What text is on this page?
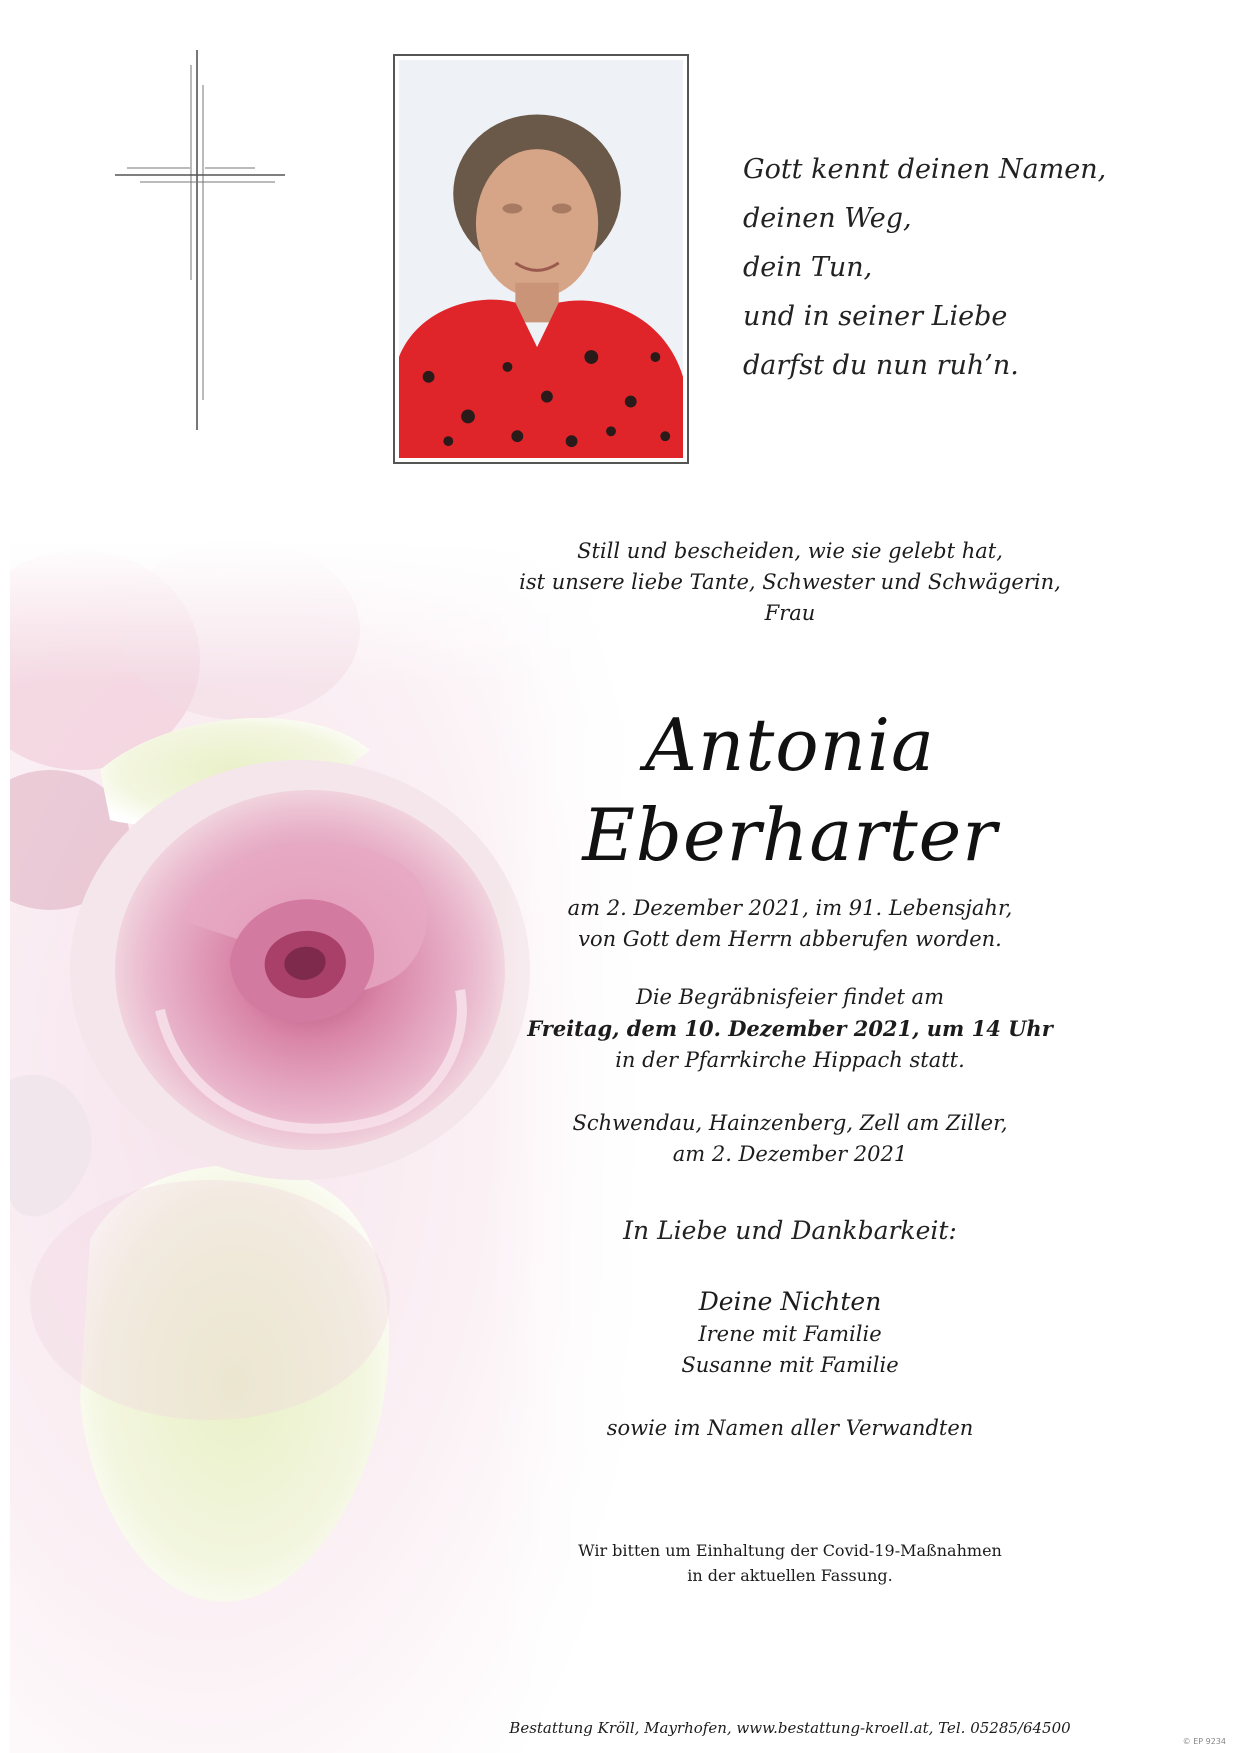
Gott kennt deinen Namen,
deinen Weg,
dein Tun,
und in seiner Liebe
darfst du nun ruh’n.
Still und bescheiden, wie sie gelebt hat,
ist unsere liebe Tante, Schwester und Schwägerin,
Frau
Antonia Eberharter
am 2. Dezember 2021, im 91. Lebensjahr,
von Gott dem Herrn abberufen worden.
Die Begräbnisfeier findet am
Freitag, dem 10. Dezember 2021, um 14 Uhr
in der Pfarrkirche Hippach statt.
Schwendau, Hainzenberg, Zell am Ziller,
am 2. Dezember 2021
In Liebe und Dankbarkeit:
Deine Nichten
Irene mit Familie
Susanne mit Familie
sowie im Namen aller Verwandten
Wir bitten um Einhaltung der Covid-19-Maßnahmen
in der aktuellen Fassung.
Bestattung Kröll, Mayrhofen, www.bestattung-kroell.at, Tel. 05285/64500
© EP 9234
